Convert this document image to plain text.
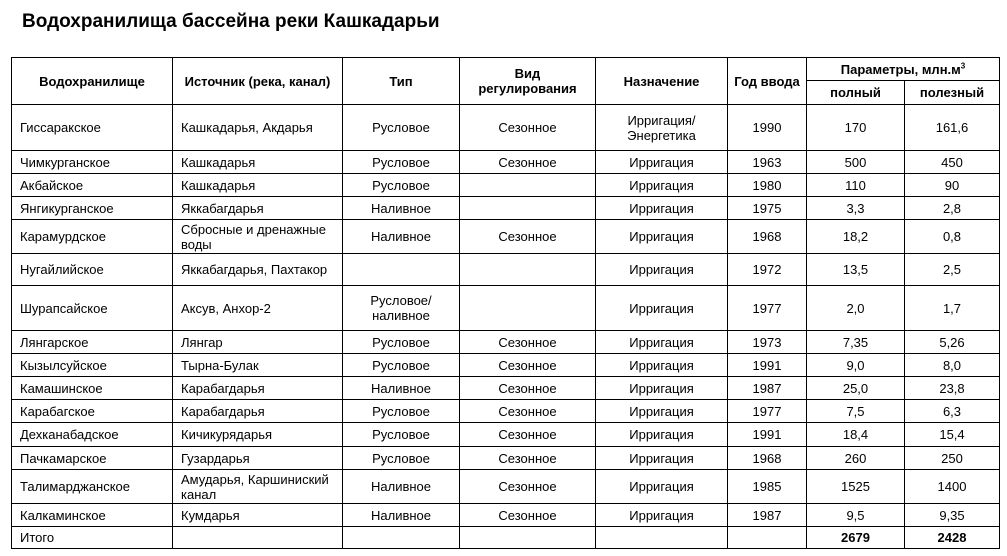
Водохранилища бассейна реки Кашкадарьи
Водохранилище	Источник (река, канал)	Тип	Вид регулирования	Назначение	Год ввода	Параметры, $млн.м^3$
						полный	полезный
Гиссаракское	Кашкадарья, Акдарья	Русловое	Сезонное	Ирригация/ Энергетика	1990	170	161,6
Чимкурганское	Кашкадарья	Русловое	Сезонное	Ирригация	1963	500	450
Акбайское	Кашкадарья	Русловое		Ирригация	1980	110	90
Янгикурганское	Яккабагдарья	Наливное		Ирригация	1975	3,3	2,8
Карамурдское	Сбросные и дренажные воды	Наливное	Сезонное	Ирригация	1968	18,2	0,8
Нугайлийское	Яккабагдарья, Пахтакор			Ирригация	1972	13,5	2,5
Шурапсайское	Аксув, Анхор-2	Русловое/ наливное		Ирригация	1977	2,0	1,7
Лянгарское	Лянгар	Русловое	Сезонное	Ирригация	1973	7,35	5,26
Кызылсуйское	Тырна-Булак	Русловое	Сезонное	Ирригация	1991	9,0	8,0
Камашинское	Карабагдарья	Наливное	Сезонное	Ирригация	1987	25,0	23,8
Карабагское	Карабагдарья	Русловое	Сезонное	Ирригация	1977	7,5	6,3
Дехканабадское	Кичикурядарья	Русловое	Сезонное	Ирригация	1991	18,4	15,4
Пачкамарское	Гузардарья	Русловое	Сезонное	Ирригация	1968	260	250
Талимарджанское	Амударья, Каршиниский канал	Наливное	Сезонное	Ирригация	1985	1525	1400
Калкаминское	Кумдарья	Наливное	Сезонное	Ирригация	1987	9,5	9,35
Итого						2679	2428
